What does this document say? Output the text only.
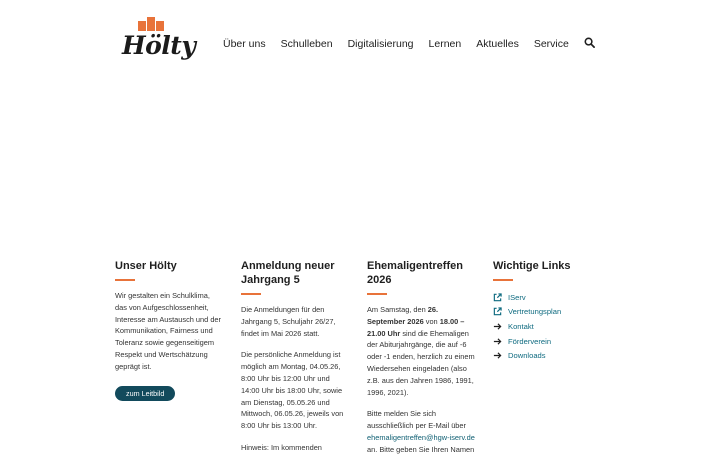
Hölty	Über uns Schulleben Digitalisierung Lernen Aktuelles Service
Unser Hölty

Wir gestalten ein Schulklima, das von Aufgeschlossenheit, Interesse am Austausch und der Kommunikation, Fairness und Toleranz sowie gegenseitigem Respekt und Wertschätzung geprägt ist.

zum Leitbild
Anmeldung neuer Jahrgang 5

Die Anmeldungen für den Jahrgang 5, Schuljahr 26/27, findet im Mai 2026 statt.

Die persönliche Anmeldung ist möglich am Montag, 04.05.26, 8:00 Uhr bis 12:00 Uhr und 14:00 Uhr bis 18:00 Uhr, sowie am Dienstag, 05.05.26 und Mittwoch, 06.05.26, jeweils von 8:00 Uhr bis 13:00 Uhr.

Hinweis: Im kommenden

Ehemaligentreffen 2026

Am Samstag, den 26. September 2026 von 18.00 – 21.00 Uhr sind die Ehemaligen der Abiturjahrgänge, die auf -6 oder -1 enden, herzlich zu einem Wiedersehen eingeladen (also z.B. aus den Jahren 1986, 1991, 1996, 2021).

Bitte melden Sie sich ausschließlich per E-Mail über ehemaligentreffen@hgw-iserv.de an. Bitte geben Sie Ihren Namen

Wichtige Links
IServ
Vertretungsplan
Kontakt
Förderverein
Downloads
